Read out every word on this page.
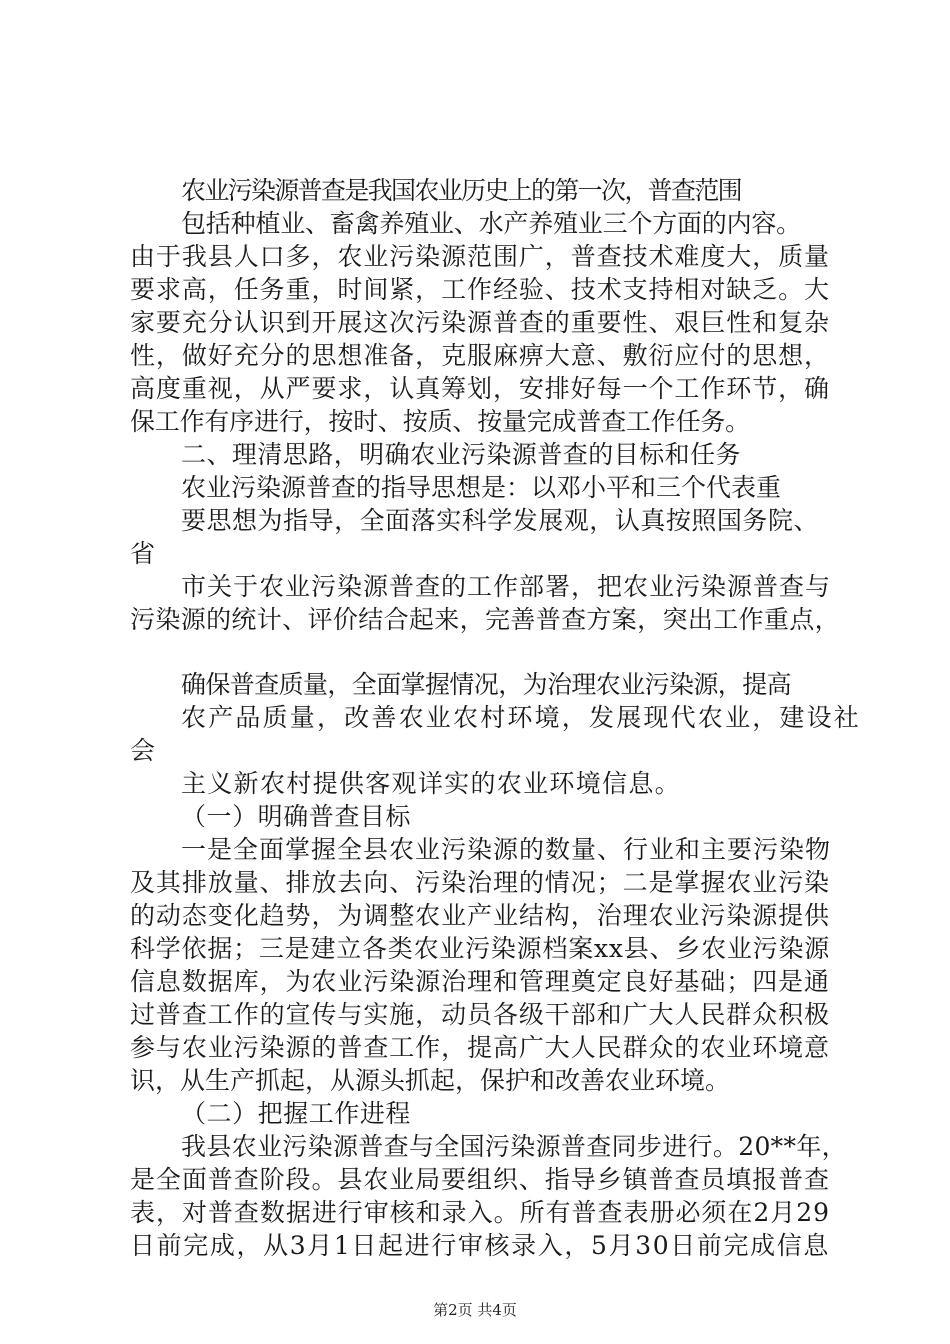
农业污染源普查是我国农业历史上的第一次，普查范围
包括种植业、畜禽养殖业、水产养殖业三个方面的内容。
由于我县人口多，农业污染源范围广，普查技术难度大，质量
要求高，任务重，时间紧，工作经验、技术支持相对缺乏。大
家要充分认识到开展这次污染源普查的重要性、艰巨性和复杂
性，做好充分的思想准备，克服麻痹大意、敷衍应付的思想，
高度重视，从严要求，认真筹划，安排好每一个工作环节，确
保工作有序进行，按时、按质、按量完成普查工作任务。
二、理清思路，明确农业污染源普查的目标和任务
农业污染源普查的指导思想是：以邓小平和三个代表重
要思想为指导，全面落实科学发展观，认真按照国务院、
省
市关于农业污染源普查的工作部署，把农业污染源普查与
污染源的统计、评价结合起来，完善普查方案，突出工作重点，
确保普查质量，全面掌握情况，为治理农业污染源，提高
农产品质量，改善农业农村环境，发展现代农业，建设社
会
主义新农村提供客观详实的农业环境信息。
（一）明确普查目标
一是全面掌握全县农业污染源的数量、行业和主要污染物
及其排放量、排放去向、污染治理的情况；二是掌握农业污染
的动态变化趋势，为调整农业产业结构，治理农业污染源提供
科学依据；三是建立各类农业污染源档案xx县、乡农业污染源
信息数据库，为农业污染源治理和管理奠定良好基础；四是通
过普查工作的宣传与实施，动员各级干部和广大人民群众积极
参与农业污染源的普查工作，提高广大人民群众的农业环境意
识，从生产抓起，从源头抓起，保护和改善农业环境。
（二）把握工作进程
我县农业污染源普查与全国污染源普查同步进行。20**年，
是全面普查阶段。县农业局要组织、指导乡镇普查员填报普查
表，对普查数据进行审核和录入。所有普查表册必须在2月29
日前完成，从3月1日起进行审核录入，5月30日前完成信息
第2页 共4页
